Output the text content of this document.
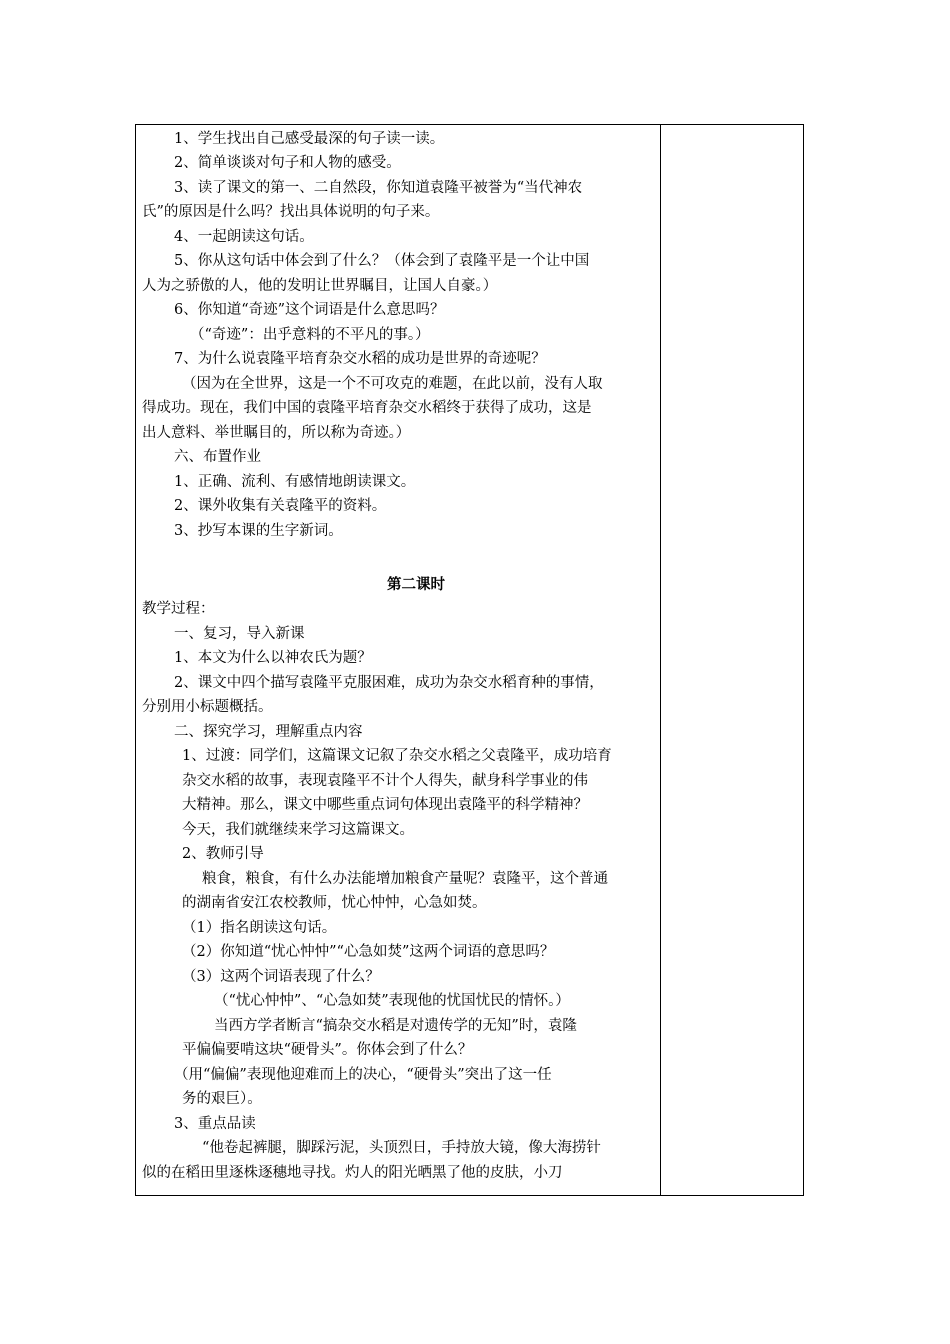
1、学生找出自己感受最深的句子读一读。
2、简单谈谈对句子和人物的感受。
3、读了课文的第一、二自然段，你知道袁隆平被誉为“当代神农
氏”的原因是什么吗？找出具体说明的句子来。
4、一起朗读这句话。
5、你从这句话中体会到了什么？（体会到了袁隆平是一个让中国
人为之骄傲的人，他的发明让世界瞩目，让国人自豪。）
6、你知道“奇迹”这个词语是什么意思吗？
（“奇迹”：出乎意料的不平凡的事。）
7、为什么说袁隆平培育杂交水稻的成功是世界的奇迹呢？
（因为在全世界，这是一个不可攻克的难题，在此以前，没有人取
得成功。现在，我们中国的袁隆平培育杂交水稻终于获得了成功，这是
出人意料、举世瞩目的，所以称为奇迹。）
六、布置作业
1、正确、流利、有感情地朗读课文。
2、课外收集有关袁隆平的资料。
3、抄写本课的生字新词。
第二课时
教学过程：
一、复习，导入新课
1、本文为什么以神农氏为题？
2、课文中四个描写袁隆平克服困难，成功为杂交水稻育种的事情，
分别用小标题概括。
二、探究学习，理解重点内容
1、过渡：同学们，这篇课文记叙了杂交水稻之父袁隆平，成功培育
杂交水稻的故事，表现袁隆平不计个人得失，献身科学事业的伟
大精神。那么，课文中哪些重点词句体现出袁隆平的科学精神？
今天，我们就继续来学习这篇课文。
2、教师引导
粮食，粮食，有什么办法能增加粮食产量呢？袁隆平，这个普通
的湖南省安江农校教师，忧心忡忡，心急如焚。
（1）指名朗读这句话。
（2）你知道“忧心忡忡”“心急如焚”这两个词语的意思吗？
（3）这两个词语表现了什么？
（“忧心忡忡”、“心急如焚”表现他的忧国忧民的情怀。）
当西方学者断言“搞杂交水稻是对遗传学的无知”时，袁隆
平偏偏要啃这块“硬骨头”。你体会到了什么？
（用“偏偏”表现他迎难而上的决心，“硬骨头”突出了这一任
务的艰巨）。
3、重点品读
“他卷起裤腿，脚踩污泥，头顶烈日，手持放大镜，像大海捞针
似的在稻田里逐株逐穗地寻找。灼人的阳光晒黑了他的皮肤，小刀
